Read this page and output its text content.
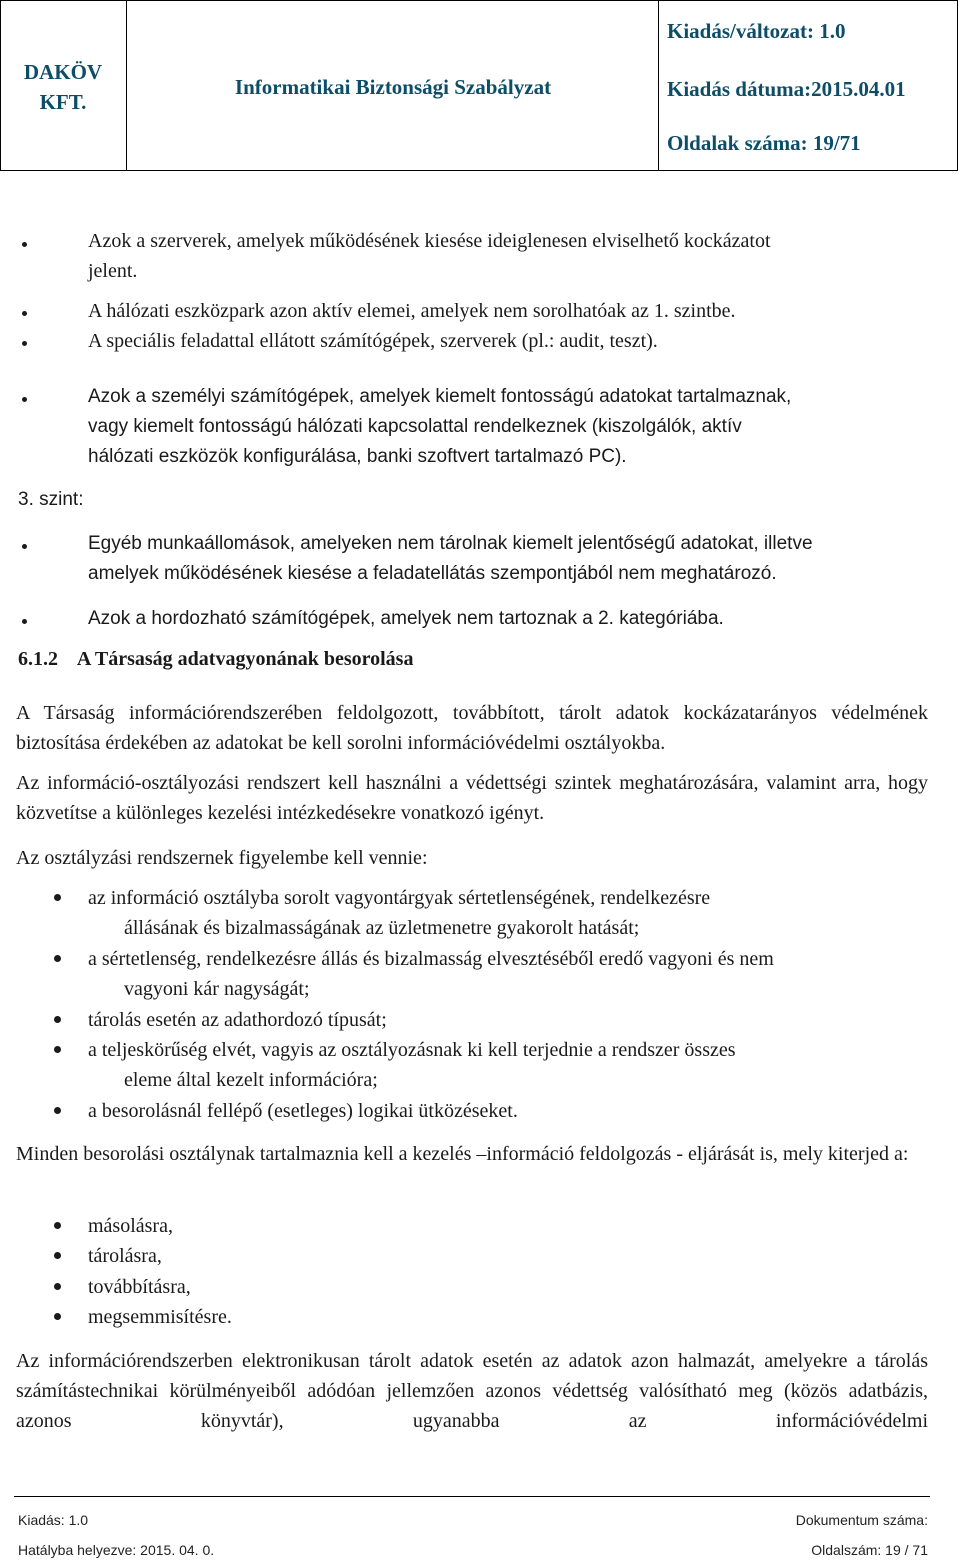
DAKÖV
KFT.
Informatikai Biztonsági Szabályzat
Kiadás/változat: 1.0
Kiadás dátuma:2015.04.01
Oldalak száma: 19/71
Azok a szerverek, amelyek működésének kiesése ideiglenesen elviselhető kockázatot
jelent.
A hálózati eszközpark azon aktív elemei, amelyek nem sorolhatóak az 1. szintbe.
A speciális feladattal ellátott számítógépek, szerverek (pl.: audit, teszt).
Azok a személyi számítógépek, amelyek kiemelt fontosságú adatokat tartalmaznak,
vagy kiemelt fontosságú hálózati kapcsolattal rendelkeznek (kiszolgálók, aktív
hálózati eszközök konfigurálása, banki szoftvert tartalmazó PC).
3. szint:
Egyéb munkaállomások, amelyeken nem tárolnak kiemelt jelentőségű adatokat, illetve
amelyek működésének kiesése a feladatellátás szempontjából nem meghatározó.
Azok a hordozható számítógépek, amelyek nem tartoznak a 2. kategóriába.
6.1.2 A Társaság adatvagyonának besorolása

A Társaság információrendszerében feldolgozott, továbbított, tárolt adatok kockázatarányos védelmének biztosítása érdekében az adatokat be kell sorolni információvédelmi osztályokba.

Az információ-osztályozási rendszert kell használni a védettségi szintek meghatározására, valamint arra, hogy közvetítse a különleges kezelési intézkedésekre vonatkozó igényt.

Az osztályzási rendszernek figyelembe kell vennie:

az információ osztályba sorolt vagyontárgyak sértetlenségének, rendelkezésre
állásának és bizalmasságának az üzletmenetre gyakorolt hatását;
a sértetlenség, rendelkezésre állás és bizalmasság elvesztéséből eredő vagyoni és nem
vagyoni kár nagyságát;
tárolás esetén az adathordozó típusát;
a teljeskörűség elvét, vagyis az osztályozásnak ki kell terjednie a rendszer összes
eleme által kezelt információra;
a besorolásnál fellépő (esetleges) logikai ütközéseket.

Minden besorolási osztálynak tartalmaznia kell a kezelés –információ feldolgozás - eljárását is, mely kiterjed a:

másolásra,
tárolásra,
továbbításra,
megsemmisítésre.

Az információrendszerben elektronikusan tárolt adatok esetén az adatok azon halmazát, amelyekre a tárolás számítástechnikai körülményeiből adódóan jellemzően azonos védettség valósítható meg (közös adatbázis, azonos könyvtár), ugyanabba az információvédelmi

Kiadás: 1.0	Dokumentum száma:
Hatályba helyezve: 2015. 04. 0.	Oldalszám: 19 / 71
